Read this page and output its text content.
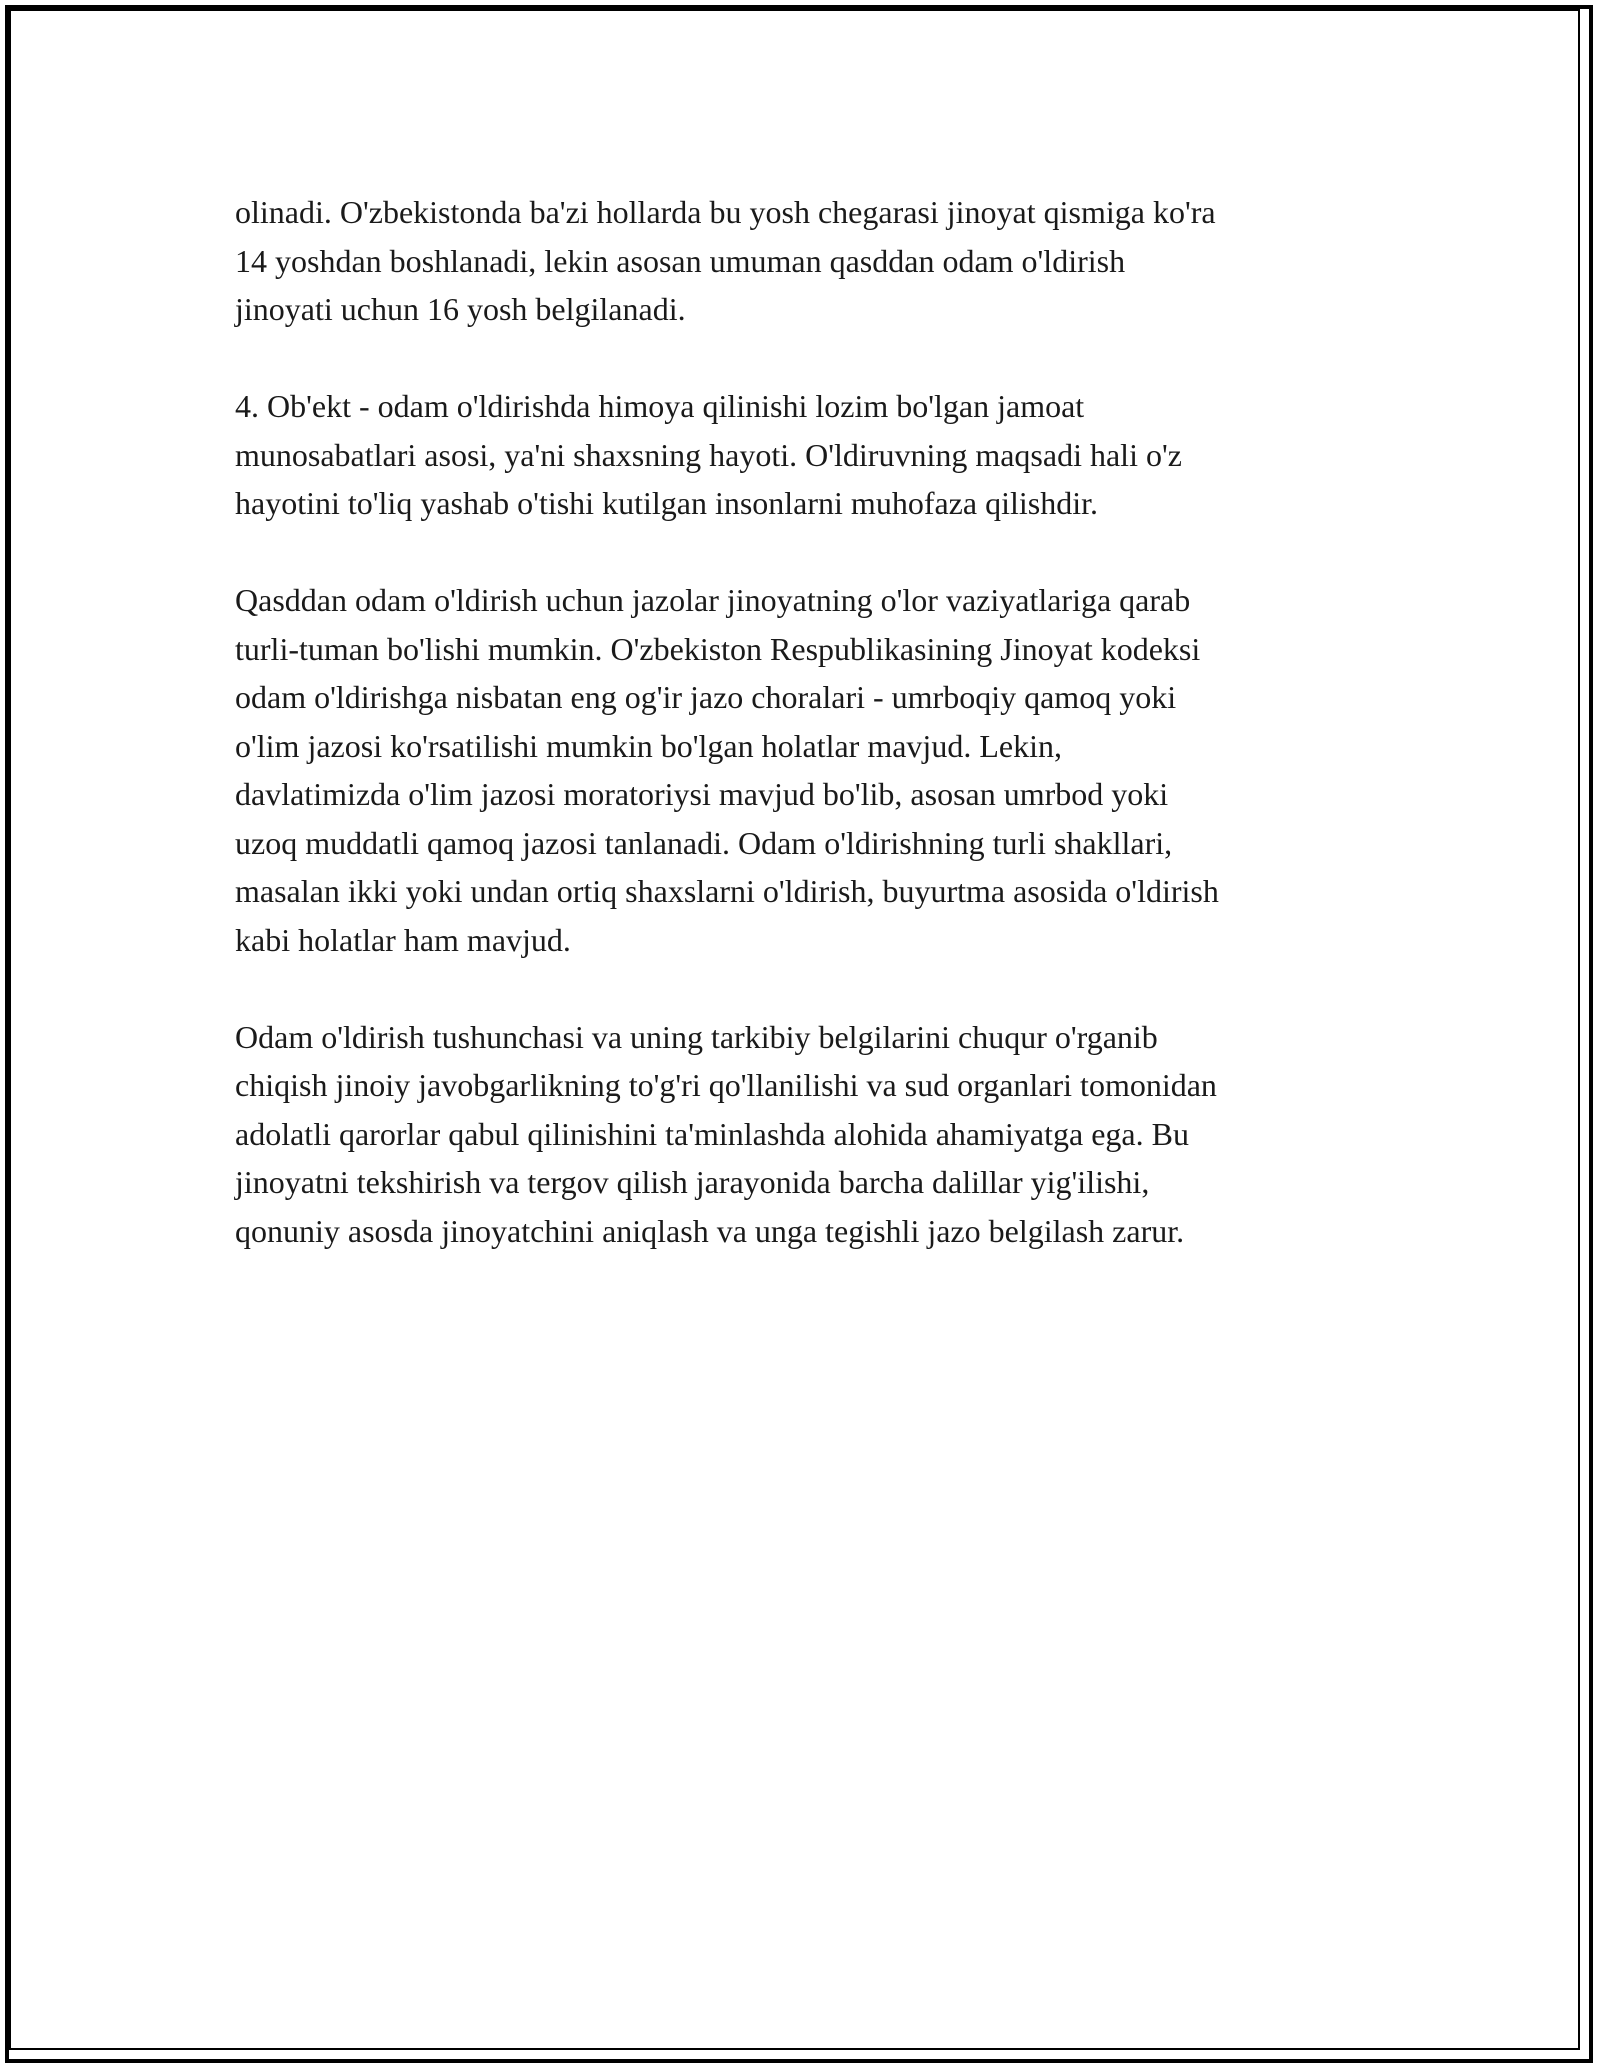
olinadi. O'zbekistonda ba'zi hollarda bu yosh chegarasi jinoyat qismiga ko'ra
14 yoshdan boshlanadi, lekin asosan umuman qasddan odam o'ldirish
jinoyati uchun 16 yosh belgilanadi.

4. Ob'ekt - odam o'ldirishda himoya qilinishi lozim bo'lgan jamoat
munosabatlari asosi, ya'ni shaxsning hayoti. O'ldiruvning maqsadi hali o'z
hayotini to'liq yashab o'tishi kutilgan insonlarni muhofaza qilishdir.

Qasddan odam o'ldirish uchun jazolar jinoyatning o'lor vaziyatlariga qarab
turli-tuman bo'lishi mumkin. O'zbekiston Respublikasining Jinoyat kodeksi
odam o'ldirishga nisbatan eng og'ir jazo choralari - umrboqiy qamoq yoki
o'lim jazosi ko'rsatilishi mumkin bo'lgan holatlar mavjud. Lekin,
davlatimizda o'lim jazosi moratoriysi mavjud bo'lib, asosan umrbod yoki
uzoq muddatli qamoq jazosi tanlanadi. Odam o'ldirishning turli shakllari,
masalan ikki yoki undan ortiq shaxslarni o'ldirish, buyurtma asosida o'ldirish
kabi holatlar ham mavjud.

Odam o'ldirish tushunchasi va uning tarkibiy belgilarini chuqur o'rganib
chiqish jinoiy javobgarlikning to'g'ri qo'llanilishi va sud organlari tomonidan
adolatli qarorlar qabul qilinishini ta'minlashda alohida ahamiyatga ega. Bu
jinoyatni tekshirish va tergov qilish jarayonida barcha dalillar yig'ilishi,
qonuniy asosda jinoyatchini aniqlash va unga tegishli jazo belgilash zarur.
